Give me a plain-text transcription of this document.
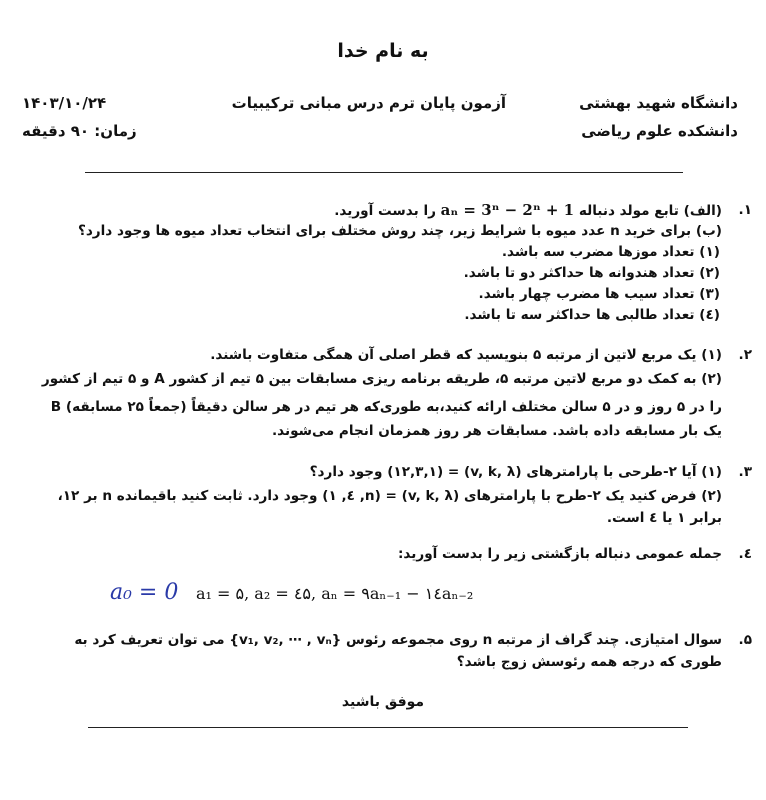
به نام خدا
۱۴۰۳/۱۰/۲۴
زمان: ۹۰ دقیقه
آزمون پایان ترم درس مبانی ترکیبیات	دانشگاه شهید بهشتی
دانشکده علوم ریاضی
.۱
(الف) تابع مولد دنباله aₙ = 3ⁿ − 2ⁿ + 1 را بدست آورید.
(ب) برای خرید n عدد میوه با شرایط زیر، چند روش مختلف برای انتخاب تعداد میوه ها وجود دارد؟
(۱) تعداد موزها مضرب سه باشد.
(۲) تعداد هندوانه ها حداکثر دو تا باشد.
(۳) تعداد سیب ها مضرب چهار باشد.
(٤) تعداد طالبی ها حداکثر سه تا باشد.
.۲
(۱) یک مربع لاتین از مرتبه ۵ بنویسید که قطر اصلی آن همگی متفاوت باشند.
(۲) به کمک دو مربع لاتین مرتبه ۵، طریقه برنامه ریزی مسابقات بین ۵ تیم از کشور A و ۵ تیم از کشور
B (جمعاً ۲۵ مسابقه) را در ۵ روز و در ۵ سالن مختلف ارائه کنید،به طوری‌که هر تیم در هر سالن دقیقاً
یک بار مسابقه داده باشد. مسابقات هر روز همزمان انجام می‌شوند.
.۳
(۱) آیا ۲-طرحی با پارامترهای (v, k, λ) = (۱۲,۳,۱) وجود دارد؟
(۲) فرض کنید یک ۲-طرح با پارامترهای (v, k, λ) = (n, ٤, ۱) وجود دارد. ثابت کنید باقیمانده n بر ۱۲،
برابر ۱ یا ٤ است.
.٤
جمله عمومی دنباله بازگشتی زیر را بدست آورید:
a₀ = 0 a₁ = ۵, a₂ = ٤۵, aₙ = ۹aₙ₋₁ − ١٤aₙ₋₂
.۵
سوال امتیازی. چند گراف از مرتبه n روی مجموعه رئوس {v₁, v₂, ⋯ , vₙ} می توان تعریف کرد به
طوری که درجه همه رئوسش زوج باشد؟
موفق باشید
